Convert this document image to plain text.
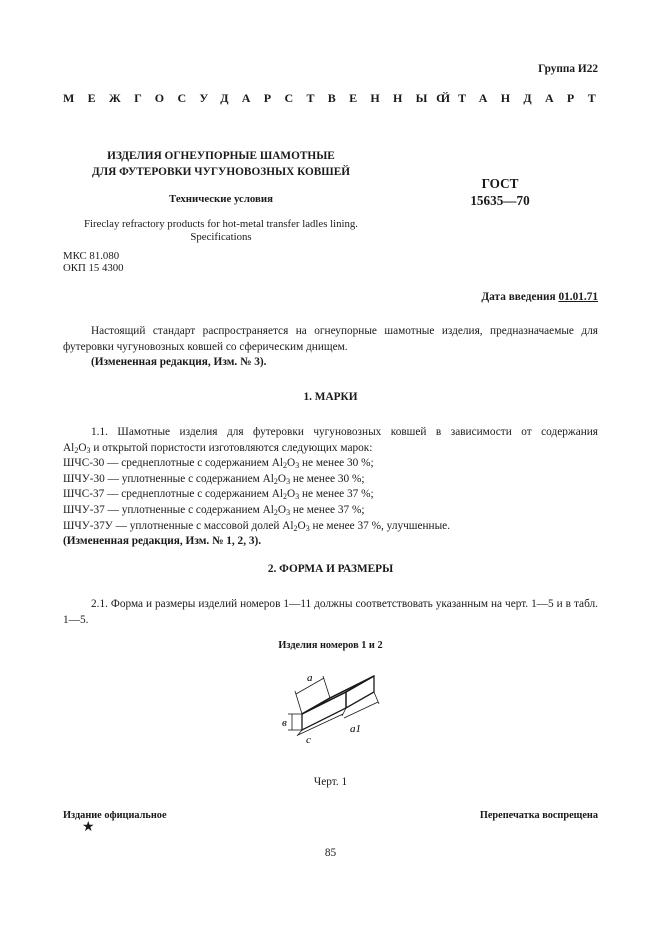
Группа И22
МЕЖГОСУДАРСТВЕННЫЙ
СТАНДАРТ
ИЗДЕЛИЯ ОГНЕУПОРНЫЕ ШАМОТНЫЕ
ДЛЯ ФУТЕРОВКИ ЧУГУНОВОЗНЫХ КОВШЕЙ
Технические условия
Fireclay refractory products for hot-metal transfer ladles lining.
Specifications
ГОСТ
15635—70
МКС 81.080
ОКП 15 4300
Дата введения 01.01.71
Настоящий стандарт распространяется на огнеупорные шамотные изделия, предназначаемые для футеровки чугуновозных ковшей со сферическим днищем.
(Измененная редакция, Изм. № 3).
1. МАРКИ
1.1. Шамотные изделия для футеровки чугуновозных ковшей в зависимости от содержания
$Al_2O_3$ и открытой пористости изготовляются следующих марок:
ШЧС-30 — среднеплотные с содержанием $Al_2O_3$ не менее 30 %;
ШЧУ-30 — уплотненные с содержанием $Al_2O_3$ не менее 30 %;
ШЧС-37 — среднеплотные с содержанием $Al_2O_3$ не менее 37 %;
ШЧУ-37 — уплотненные с содержанием $Al_2O_3$ не менее 37 %;
ШЧУ-37У — уплотненные с массовой долей $Al_2O_3$ не менее 37 %, улучшенные.
(Измененная редакция, Изм. № 1, 2, 3).
2. ФОРМА И РАЗМЕРЫ
2.1. Форма и размеры изделий номеров 1—11 должны соответствовать указанным на черт. 1—5 и в табл. 1—5.
Изделия номеров 1 и 2
a
в
с
a1
Черт. 1
Издание официальное
★
Перепечатка воспрещена
85
